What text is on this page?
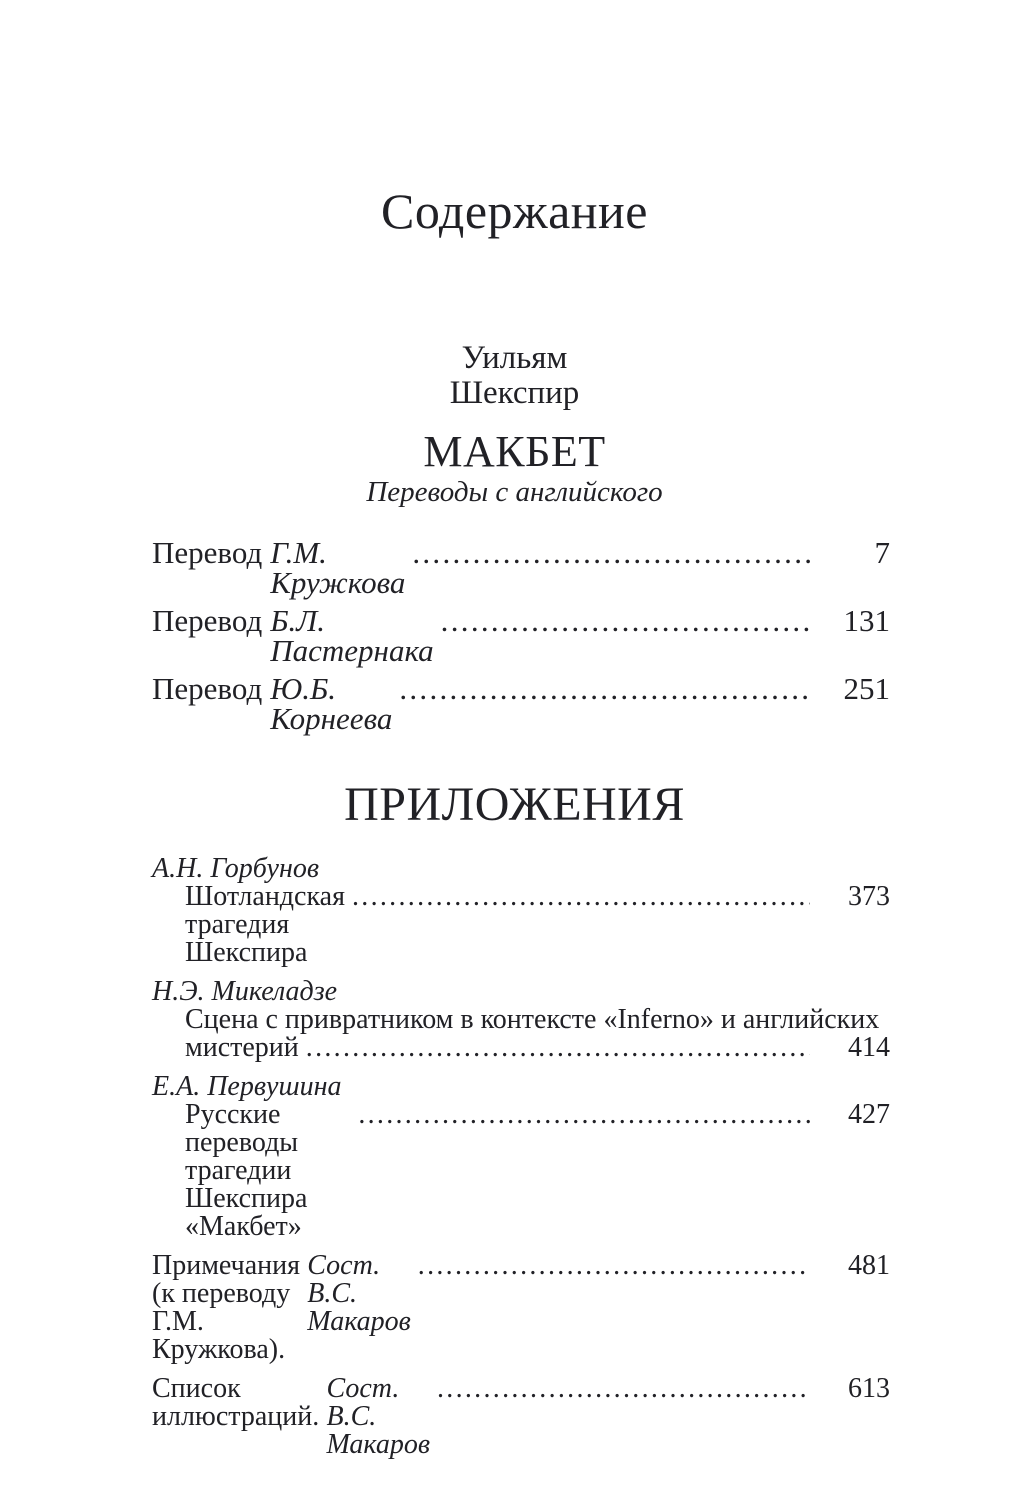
Содержание
Уильям
Шекспир
МАКБЕТ
Переводы с английского
Перевод Г.М. Кружкова
.....
7
Перевод Б.Л. Пастернака
.....
131
Перевод Ю.Б. Корнеева
.....
251
ПРИЛОЖЕНИЯ
А.Н. Горбунов
Шотландская трагедия Шекспира
.....
373
Н.Э. Микеладзе
Сцена с привратником в контексте «Inferno» и английских
мистерий .....	414
Е.А. Первушина
Русские переводы трагедии Шекспира «Макбет»
.....
427
Примечания (к переводу Г.М. Кружкова).
Сост. В.С. Макаров
.....
481
Список иллюстраций.
Сост. В.С. Макаров
.....
613
